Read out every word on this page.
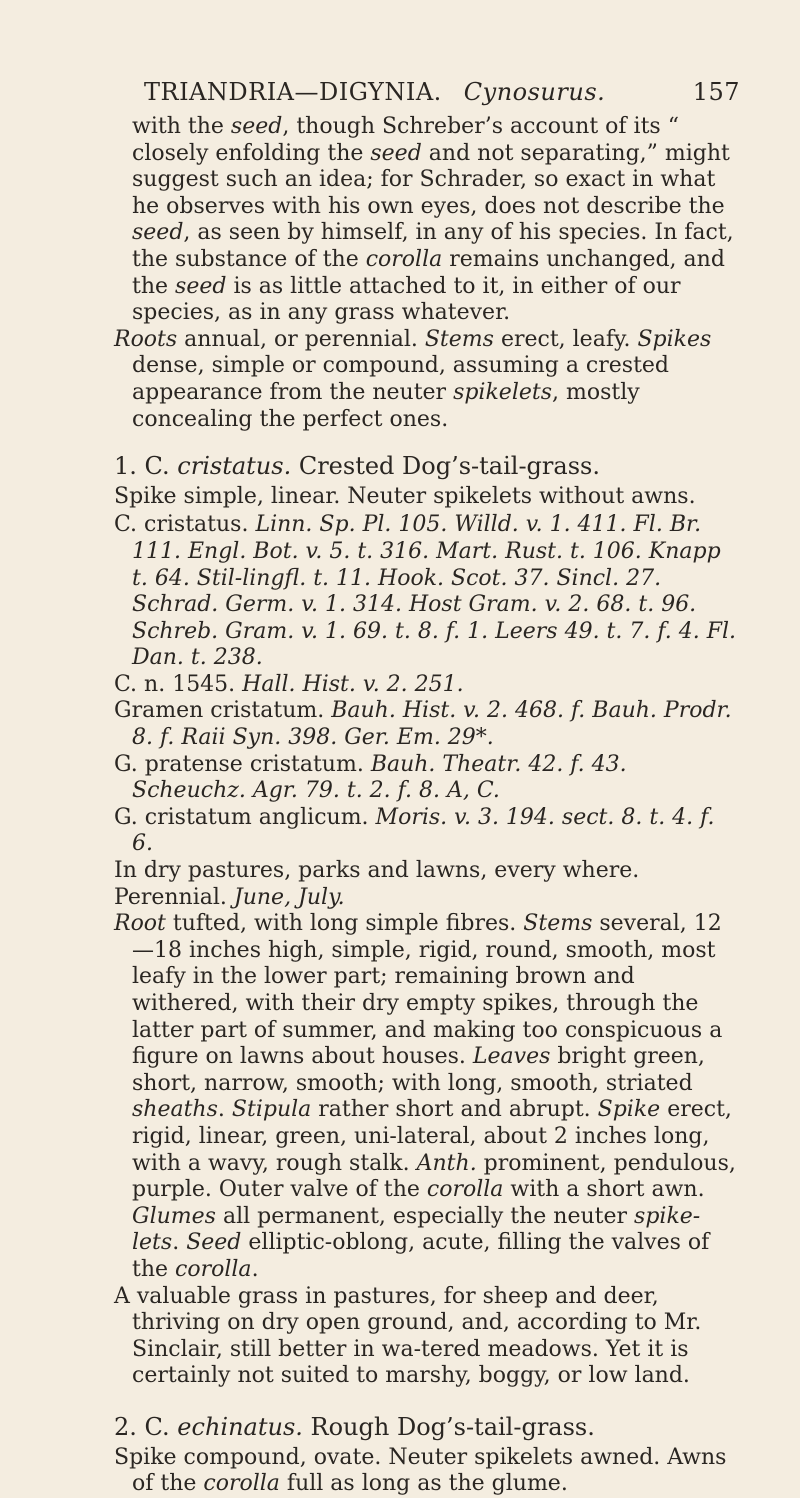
TRIANDRIA—DIGYNIA. Cynosurus.	157

with the seed, though Schreber’s account of its “ closely enfolding the seed and not separating,” might suggest such an idea; for Schrader, so exact in what he observes with his own eyes, does not describe the seed, as seen by himself, in any of his species. In fact, the substance of the corolla remains unchanged, and the seed is as little attached to it, in either of our species, as in any grass whatever.

Roots annual, or perennial. Stems erect, leafy. Spikes dense, simple or compound, assuming a crested appearance from the neuter spikelets, mostly concealing the perfect ones.

1. C. cristatus. Crested Dog’s-tail-grass.

Spike simple, linear. Neuter spikelets without awns.

C. cristatus. Linn. Sp. Pl. 105. Willd. v. 1. 411. Fl. Br. 111. Engl. Bot. v. 5. t. 316. Mart. Rust. t. 106. Knapp t. 64. Stil-lingfl. t. 11. Hook. Scot. 37. Sincl. 27. Schrad. Germ. v. 1. 314. Host Gram. v. 2. 68. t. 96. Schreb. Gram. v. 1. 69. t. 8. f. 1. Leers 49. t. 7. f. 4. Fl. Dan. t. 238.

C. n. 1545. Hall. Hist. v. 2. 251.

Gramen cristatum. Bauh. Hist. v. 2. 468. f. Bauh. Prodr. 8. f. Raii Syn. 398. Ger. Em. 29*.

G. pratense cristatum. Bauh. Theatr. 42. f. 43. Scheuchz. Agr. 79. t. 2. f. 8. A, C.

G. cristatum anglicum. Moris. v. 3. 194. sect. 8. t. 4. f. 6.

In dry pastures, parks and lawns, every where.

Perennial. June, July.

Root tufted, with long simple fibres. Stems several, 12—18 inches high, simple, rigid, round, smooth, most leafy in the lower part; remaining brown and withered, with their dry empty spikes, through the latter part of summer, and making too conspicuous a figure on lawns about houses. Leaves bright green, short, narrow, smooth; with long, smooth, striated sheaths. Stipula rather short and abrupt. Spike erect, rigid, linear, green, uni-lateral, about 2 inches long, with a wavy, rough stalk. Anth. prominent, pendulous, purple. Outer valve of the corolla with a short awn. Glumes all permanent, especially the neuter spike-lets. Seed elliptic-oblong, acute, filling the valves of the corolla.

A valuable grass in pastures, for sheep and deer, thriving on dry open ground, and, according to Mr. Sinclair, still better in wa-tered meadows. Yet it is certainly not suited to marshy, boggy, or low land.

2. C. echinatus. Rough Dog’s-tail-grass.

Spike compound, ovate. Neuter spikelets awned. Awns of the corolla full as long as the glume.
